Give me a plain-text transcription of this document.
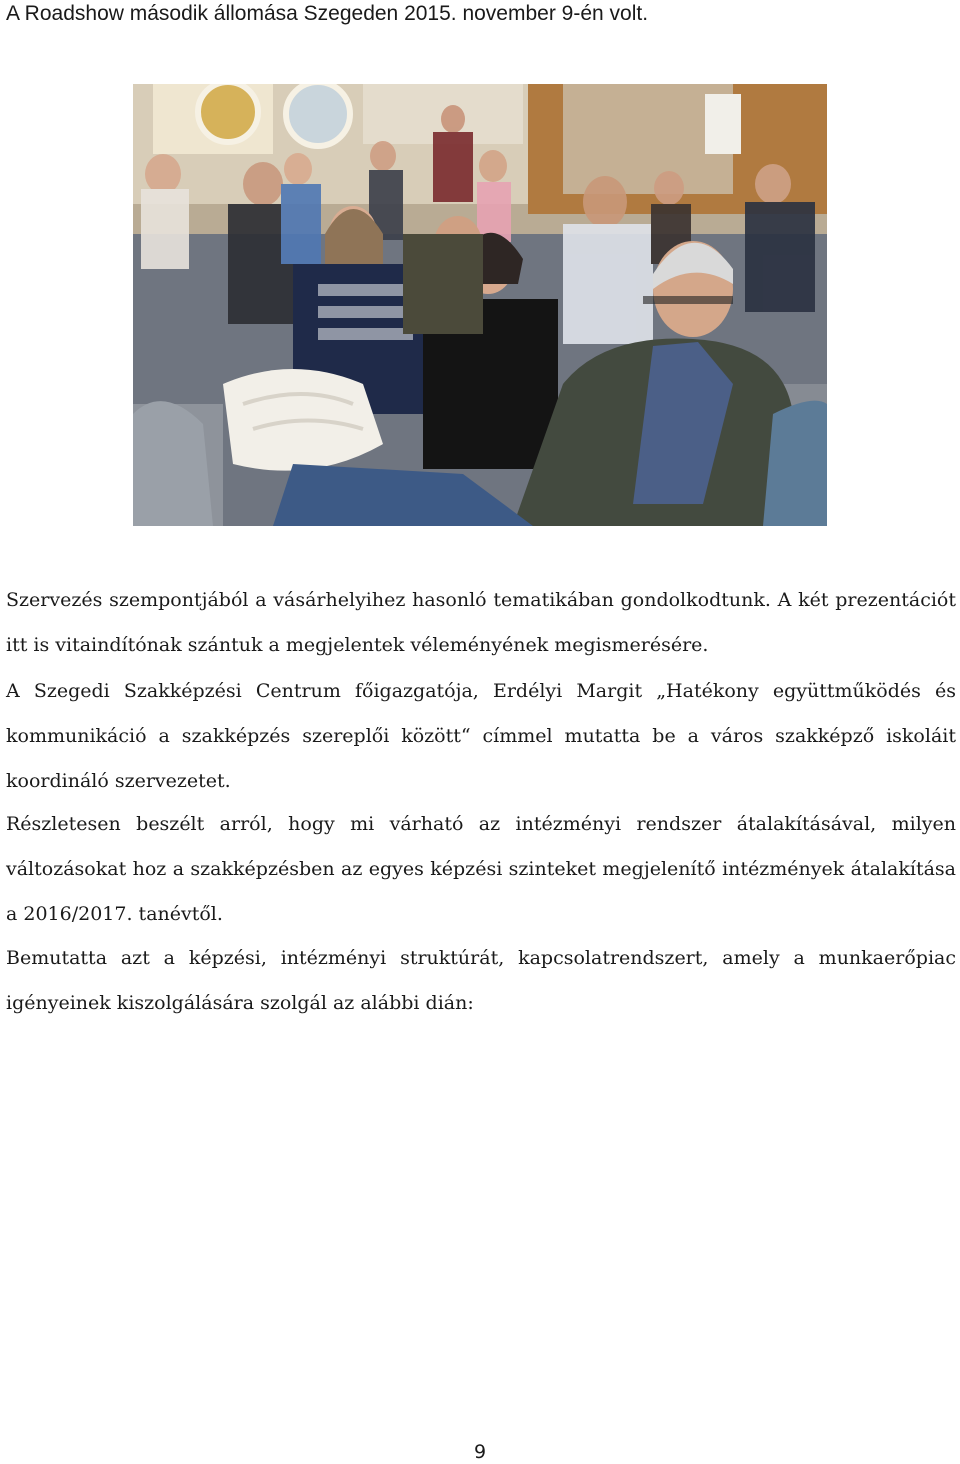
A Roadshow második állomása Szegeden 2015. november 9-én volt.

Szervezés szempontjából a vásárhelyihez hasonló tematikában gondolkodtunk. A két prezentációt itt is vitaindítónak szántuk a megjelentek véleményének megismerésére.

A Szegedi Szakképzési Centrum főigazgatója, Erdélyi Margit „Hatékony együttműködés és kommunikáció a szakképzés szereplői között“ címmel mutatta be a város szakképző iskoláit koordináló szervezetet.

Részletesen beszélt arról, hogy mi várható az intézményi rendszer átalakításával, milyen változásokat hoz a szakképzésben az egyes képzési szinteket megjelenítő intézmények átalakítása a 2016/2017. tanévtől.

Bemutatta azt a képzési, intézményi struktúrát, kapcsolatrendszert, amely a munkaerőpiac igényeinek kiszolgálására szolgál az alábbi dián:

9
